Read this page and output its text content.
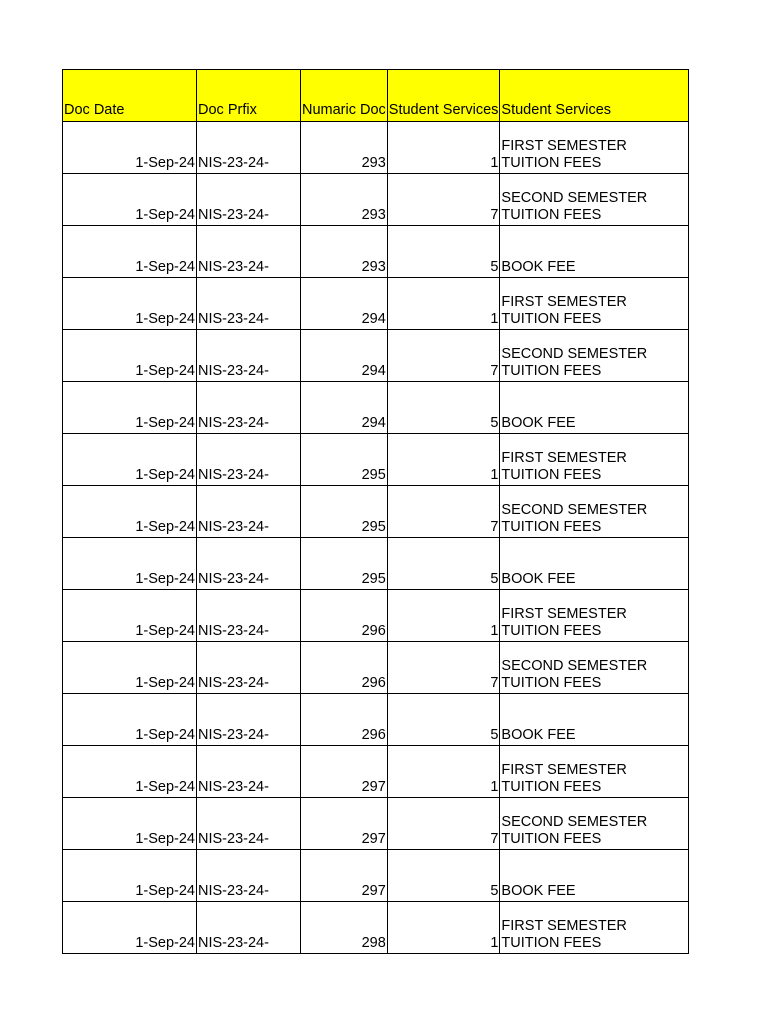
Doc Date	Doc Prfix	Numaric Doc	Student Services	Student Services
1-Sep-24	NIS-23-24-	293	1	FIRST SEMESTER TUITION FEES
1-Sep-24	NIS-23-24-	293	7	SECOND SEMESTER TUITION FEES
1-Sep-24	NIS-23-24-	293	5	BOOK FEE
1-Sep-24	NIS-23-24-	294	1	FIRST SEMESTER TUITION FEES
1-Sep-24	NIS-23-24-	294	7	SECOND SEMESTER TUITION FEES
1-Sep-24	NIS-23-24-	294	5	BOOK FEE
1-Sep-24	NIS-23-24-	295	1	FIRST SEMESTER TUITION FEES
1-Sep-24	NIS-23-24-	295	7	SECOND SEMESTER TUITION FEES
1-Sep-24	NIS-23-24-	295	5	BOOK FEE
1-Sep-24	NIS-23-24-	296	1	FIRST SEMESTER TUITION FEES
1-Sep-24	NIS-23-24-	296	7	SECOND SEMESTER TUITION FEES
1-Sep-24	NIS-23-24-	296	5	BOOK FEE
1-Sep-24	NIS-23-24-	297	1	FIRST SEMESTER TUITION FEES
1-Sep-24	NIS-23-24-	297	7	SECOND SEMESTER TUITION FEES
1-Sep-24	NIS-23-24-	297	5	BOOK FEE
1-Sep-24	NIS-23-24-	298	1	FIRST SEMESTER TUITION FEES
